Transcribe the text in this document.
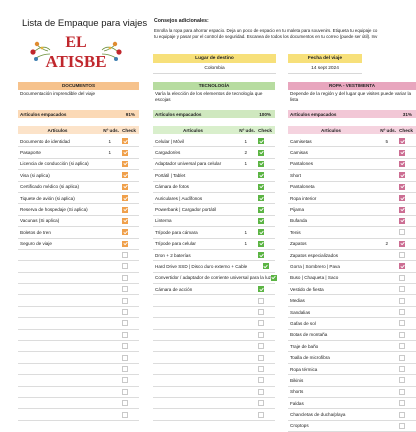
Lista de Empaque para viajes
EL
ATISBE
Consejos adicionales:
Enrolla la ropa para ahorrar espacio. Deja un poco de espacio en tu maleta para souvenirs. Etiqueta tu equipaje co
tu equipaje y pasar por el control de seguridad. Escanea de todos los documentos en tu correo (puede ser útil). Inv
Lugar de destino
Colombia
Fecha del viaje
14 sept 2024
DOCUMENTOS
Documentación imprendible del viaje
Artículos empacados	91%
Artículos	Nº uds. Check
Documento de identidad	1
Pasaporte	1
Licencia de conducción (si aplica)
Visa (si aplica)
Certificado médico (si aplica)
Tiquete de avión (si aplica)
Reserva de hospedaje (Si aplica)
Vacunas (Si aplica)
Boletos de tren
Seguro de viaje
TECNOLOGÍA
Varía la elección de los elementos de tecnología que escojas
Artículos empacados	100%
Artículos	Nº uds. Check
Celular | Móvil	1
Cargador/es	2
Adaptador universal para celular	1
Portátil | Tablet
Cámara de fotos
Auriculares | Audífonos
Powerbank | Cargador portátil
Linterna
Trípode para cámara	1
Trípode para celular	1
Dron + 2 baterías
Hard Drive SSD | Disco duro externo + Cable
Convertidor / adaptador de corriente universal para la luz
Cámara de acción
ROPA - VESTIMENTA
Depende de la región y del lugar que visites puede variar la lista
Artículos empacados	31%
Artículos	Nº uds. Check
Camisetas	5
Camisas
Pantalones
Short
Pantaloneta
Ropa interior
Pijama
Bufanda
Tenis
Zapatos	2
Zapatos especializados
Gorra | Sombrero | Pava
Buso | Chaqueta | Saco
Vestido de fiesta
Medias
Sandalias
Gafas de sol
Botas de montaña
Traje de baño
Toalla de microfibra
Ropa térmica
Bikinis
Shorts
Faldas
Chancletas de ducha/playa
Croptops
